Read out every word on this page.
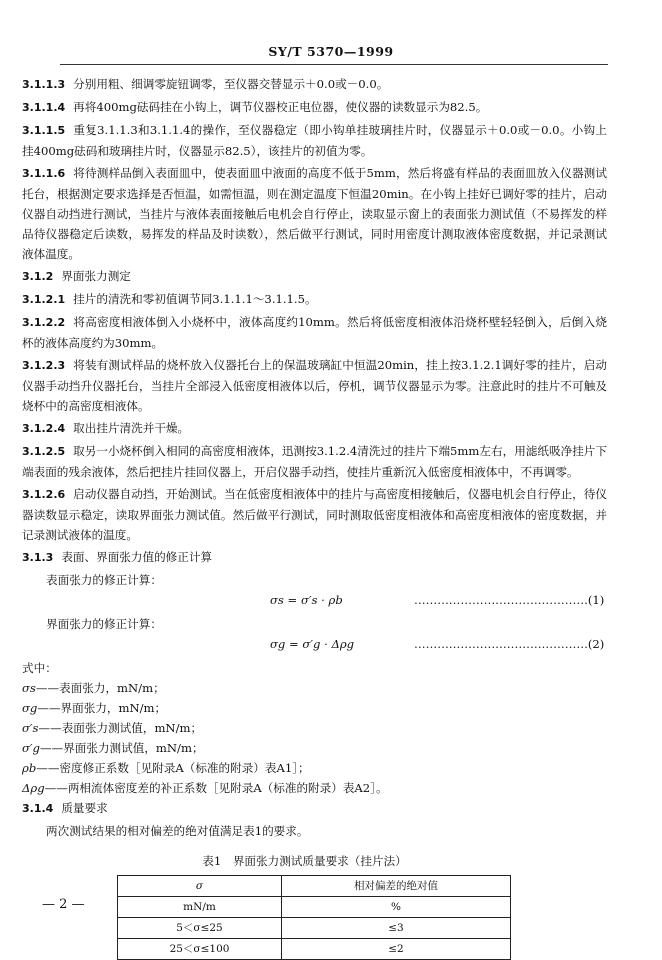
SY/T 5370—1999
3.1.1.3 分别用粗、细调零旋钮调零，至仪器交替显示＋0.0或－0.0。
3.1.1.4 再将400mg砝码挂在小钩上，调节仪器校正电位器，使仪器的读数显示为82.5。
3.1.1.5 重复3.1.1.3和3.1.1.4的操作，至仪器稳定（即小钩单挂玻璃挂片时，仪器显示＋0.0或－0.0。小钩上挂400mg砝码和玻璃挂片时，仪器显示82.5），该挂片的初值为零。
3.1.1.6 将待测样品倒入表面皿中，使表面皿中液面的高度不低于5mm，然后将盛有样品的表面皿放入仪器测试托台，根据测定要求选择是否恒温，如需恒温，则在测定温度下恒温20min。在小钩上挂好已调好零的挂片，启动仪器自动挡进行测试，当挂片与液体表面接触后电机会自行停止，读取显示窗上的表面张力测试值（不易挥发的样品待仪器稳定后读数，易挥发的样品及时读数），然后做平行测试，同时用密度计测取液体密度数据，并记录测试液体温度。
3.1.2 界面张力测定
3.1.2.1 挂片的清洗和零初值调节同3.1.1.1～3.1.1.5。
3.1.2.2 将高密度相液体倒入小烧杯中，液体高度约10mm。然后将低密度相液体沿烧杯壁轻轻倒入，后倒入烧杯的液体高度约为30mm。
3.1.2.3 将装有测试样品的烧杯放入仪器托台上的保温玻璃缸中恒温20min，挂上按3.1.2.1调好零的挂片，启动仪器手动挡升仪器托台，当挂片全部浸入低密度相液体以后，停机，调节仪器显示为零。注意此时的挂片不可触及烧杯中的高密度相液体。
3.1.2.4 取出挂片清洗并干燥。
3.1.2.5 取另一小烧杯倒入相同的高密度相液体，迅测按3.1.2.4清洗过的挂片下端5mm左右，用滤纸吸净挂片下端表面的残余液体，然后把挂片挂回仪器上，开启仪器手动挡，使挂片重新沉入低密度相液体中，不再调零。
3.1.2.6 启动仪器自动挡，开始测试。当在低密度相液体中的挂片与高密度相接触后，仪器电机会自行停止，待仪器读数显示稳定，读取界面张力测试值。然后做平行测试，同时测取低密度相液体和高密度相液体的密度数据，并记录测试液体的温度。
3.1.3 表面、界面张力值的修正计算
表面张力的修正计算：
σs = σ′s · ρb	………………………………………(1)
界面张力的修正计算：
σg = σ′g · Δρg	………………………………………(2)
式中：
σs——表面张力，mN/m；
σg——界面张力，mN/m；
σ′s——表面张力测试值，mN/m；
σ′g——界面张力测试值，mN/m；
ρb——密度修正系数［见附录A（标准的附录）表A1］；
Δρg——两相流体密度差的补正系数［见附录A（标准的附录）表A2］。
3.1.4 质量要求
两次测试结果的相对偏差的绝对值满足表1的要求。
表1　界面张力测试质量要求（挂片法）
σ	相对偏差的绝对值
mN/m	%
5＜σ≤25	≤3
25＜σ≤100	≤2
— 2 —
